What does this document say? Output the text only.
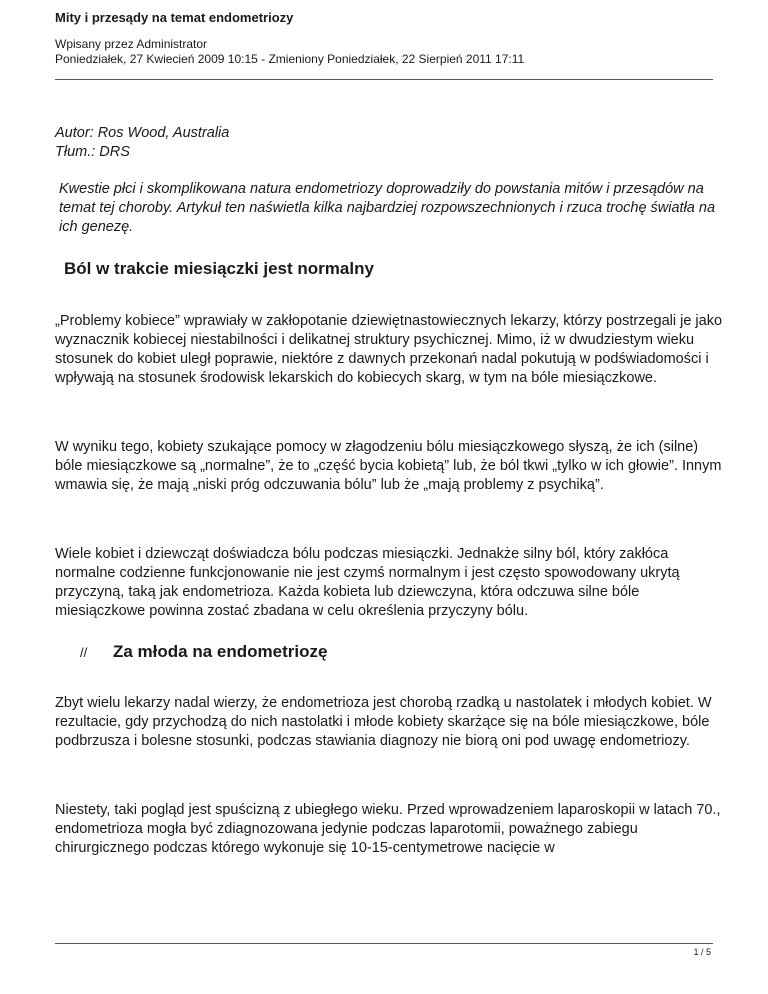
Mity i przesądy na temat endometriozy
Wpisany przez Administrator
Poniedziałek, 27 Kwiecień 2009 10:15 - Zmieniony Poniedziałek, 22 Sierpień 2011 17:11

Autor: Ros Wood, Australia

Tłum.: DRS

Kwestie płci i skomplikowana natura endometriozy doprowadziły do powstania mitów i przesądów na temat tej choroby. Artykuł ten naświetla kilka najbardziej rozpowszechnionych i rzuca trochę światła na ich genezę.

Ból w trakcie miesiączki jest normalny

„Problemy kobiece” wprawiały w zakłopotanie dziewiętnastowiecznych lekarzy, którzy postrzegali je jako wyznacznik kobiecej niestabilności i delikatnej struktury psychicznej. Mimo, iż w dwudziestym wieku stosunek do kobiet uległ poprawie, niektóre z dawnych przekonań nadal pokutują w podświadomości i wpływają na stosunek środowisk lekarskich do kobiecych skarg, w tym na bóle miesiączkowe.

W wyniku tego, kobiety szukające pomocy w złagodzeniu bólu miesiączkowego słyszą, że ich (silne) bóle miesiączkowe są „normalne”, że to „część bycia kobietą” lub, że ból tkwi „tylko w ich głowie”. Innym wmawia się, że mają „niski próg odczuwania bólu” lub że „mają problemy z psychiką”.

Wiele kobiet i dziewcząt doświadcza bólu podczas miesiączki. Jednakże silny ból, który zakłóca normalne codzienne funkcjonowanie nie jest czymś normalnym i jest często spowodowany ukrytą przyczyną, taką jak endometrioza. Każda kobieta lub dziewczyna, która odczuwa silne bóle miesiączkowe powinna zostać zbadana w celu określenia przyczyny bólu.

//	Za młoda na endometriozę

Zbyt wielu lekarzy nadal wierzy, że endometrioza jest chorobą rzadką u nastolatek i młodych kobiet. W rezultacie, gdy przychodzą do nich nastolatki i młode kobiety skarżące się na bóle miesiączkowe, bóle podbrzusza i bolesne stosunki, podczas stawiania diagnozy nie biorą oni pod uwagę endometriozy.

Niestety, taki pogląd jest spuścizną z ubiegłego wieku. Przed wprowadzeniem laparoskopii w latach 70., endometrioza mogła być zdiagnozowana jedynie podczas laparotomii, poważnego zabiegu chirurgicznego podczas którego wykonuje się 10-15-centymetrowe nacięcie w

1 / 5
